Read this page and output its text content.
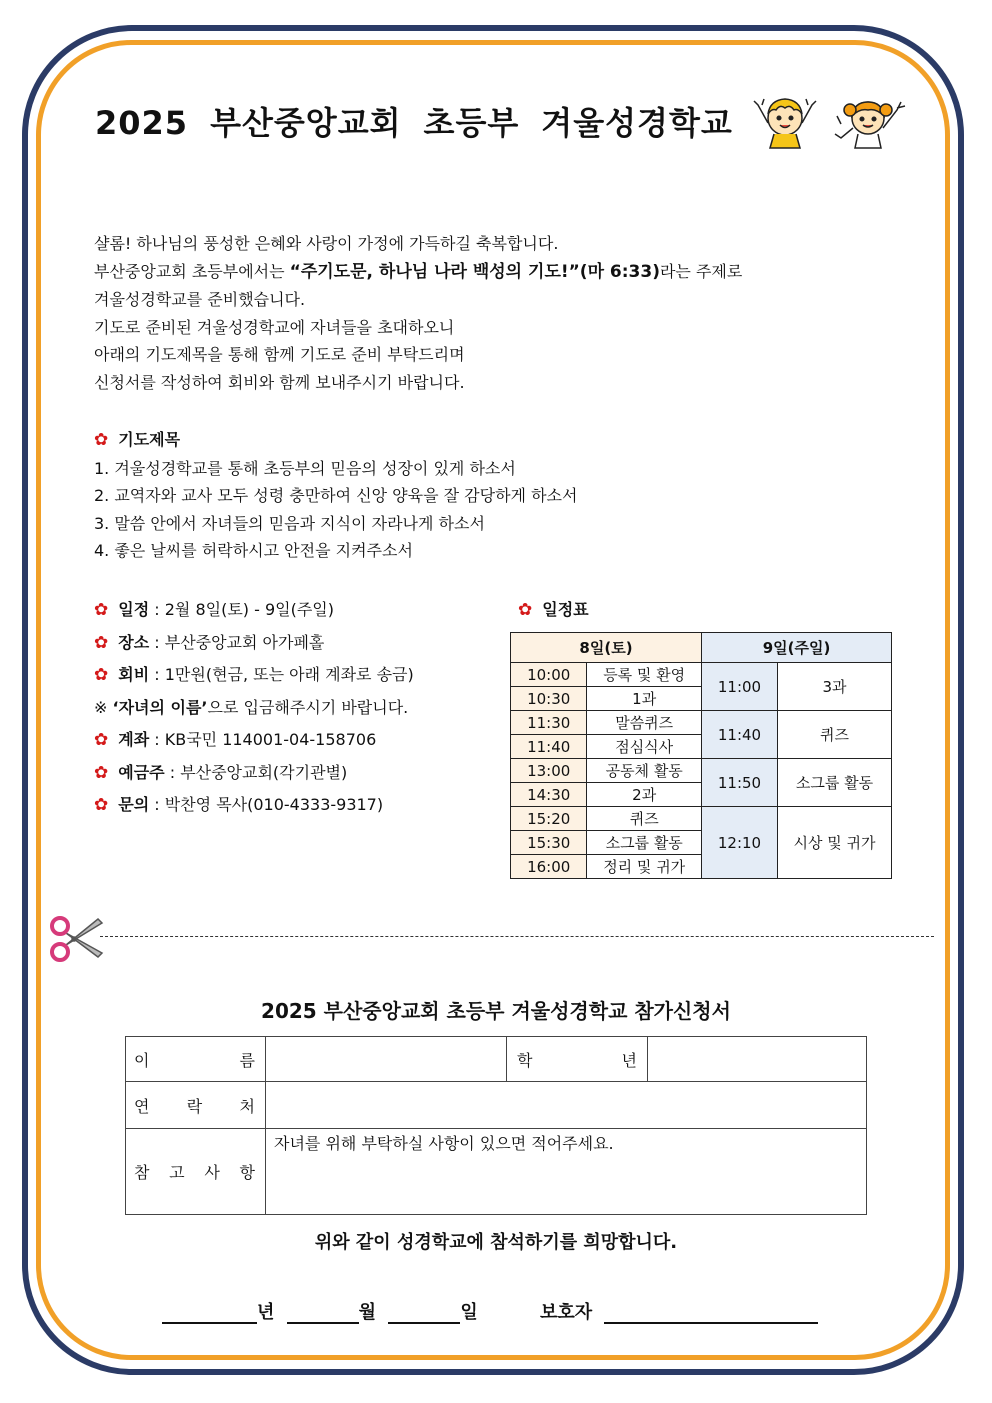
2025 부산중앙교회 초등부 겨울성경학교

샬롬! 하나님의 풍성한 은혜와 사랑이 가정에 가득하길 축복합니다.

부산중앙교회 초등부에서는 “주기도문, 하나님 나라 백성의 기도!”(마 6:33)라는 주제로

겨울성경학교를 준비했습니다.

기도로 준비된 겨울성경학교에 자녀들을 초대하오니

아래의 기도제목을 통해 함께 기도로 준비 부탁드리며

신청서를 작성하여 회비와 함께 보내주시기 바랍니다.

✿ 기도제목

1. 겨울성경학교를 통해 초등부의 믿음의 성장이 있게 하소서

2. 교역자와 교사 모두 성령 충만하여 신앙 양육을 잘 감당하게 하소서

3. 말씀 안에서 자녀들의 믿음과 지식이 자라나게 하소서

4. 좋은 날씨를 허락하시고 안전을 지켜주소서

✿ 일정 : 2월 8일(토) - 9일(주일)

✿ 장소 : 부산중앙교회 아가페홀

✿ 회비 : 1만원(현금, 또는 아래 계좌로 송금)

※ ‘자녀의 이름’으로 입금해주시기 바랍니다.

✿ 계좌 : KB국민 114001-04-158706

✿ 예금주 : 부산중앙교회(각기관별)

✿ 문의 : 박찬영 목사(010-4333-9317)

✿ 일정표
8일(토)		9일(주일)	
10:00	등록 및 환영	11:00	3과
10:30	1과		
11:30	말씀퀴즈	11:40	퀴즈
11:40	점심식사		
13:00	공동체 활동	11:50	소그룹 활동
14:30	2과		
15:20	퀴즈	12:10	시상 및 귀가
15:30	소그룹 활동		
16:00	정리 및 귀가		
2025 부산중앙교회 초등부 겨울성경학교 참가신청서
이 름		학 년	

연 락 처			

참 고 사 항	자녀를 위해 부탁하실 사항이 있으면 적어주세요.		
위와 같이 성경학교에 참석하기를 희망합니다.
년	월	일	보호자
